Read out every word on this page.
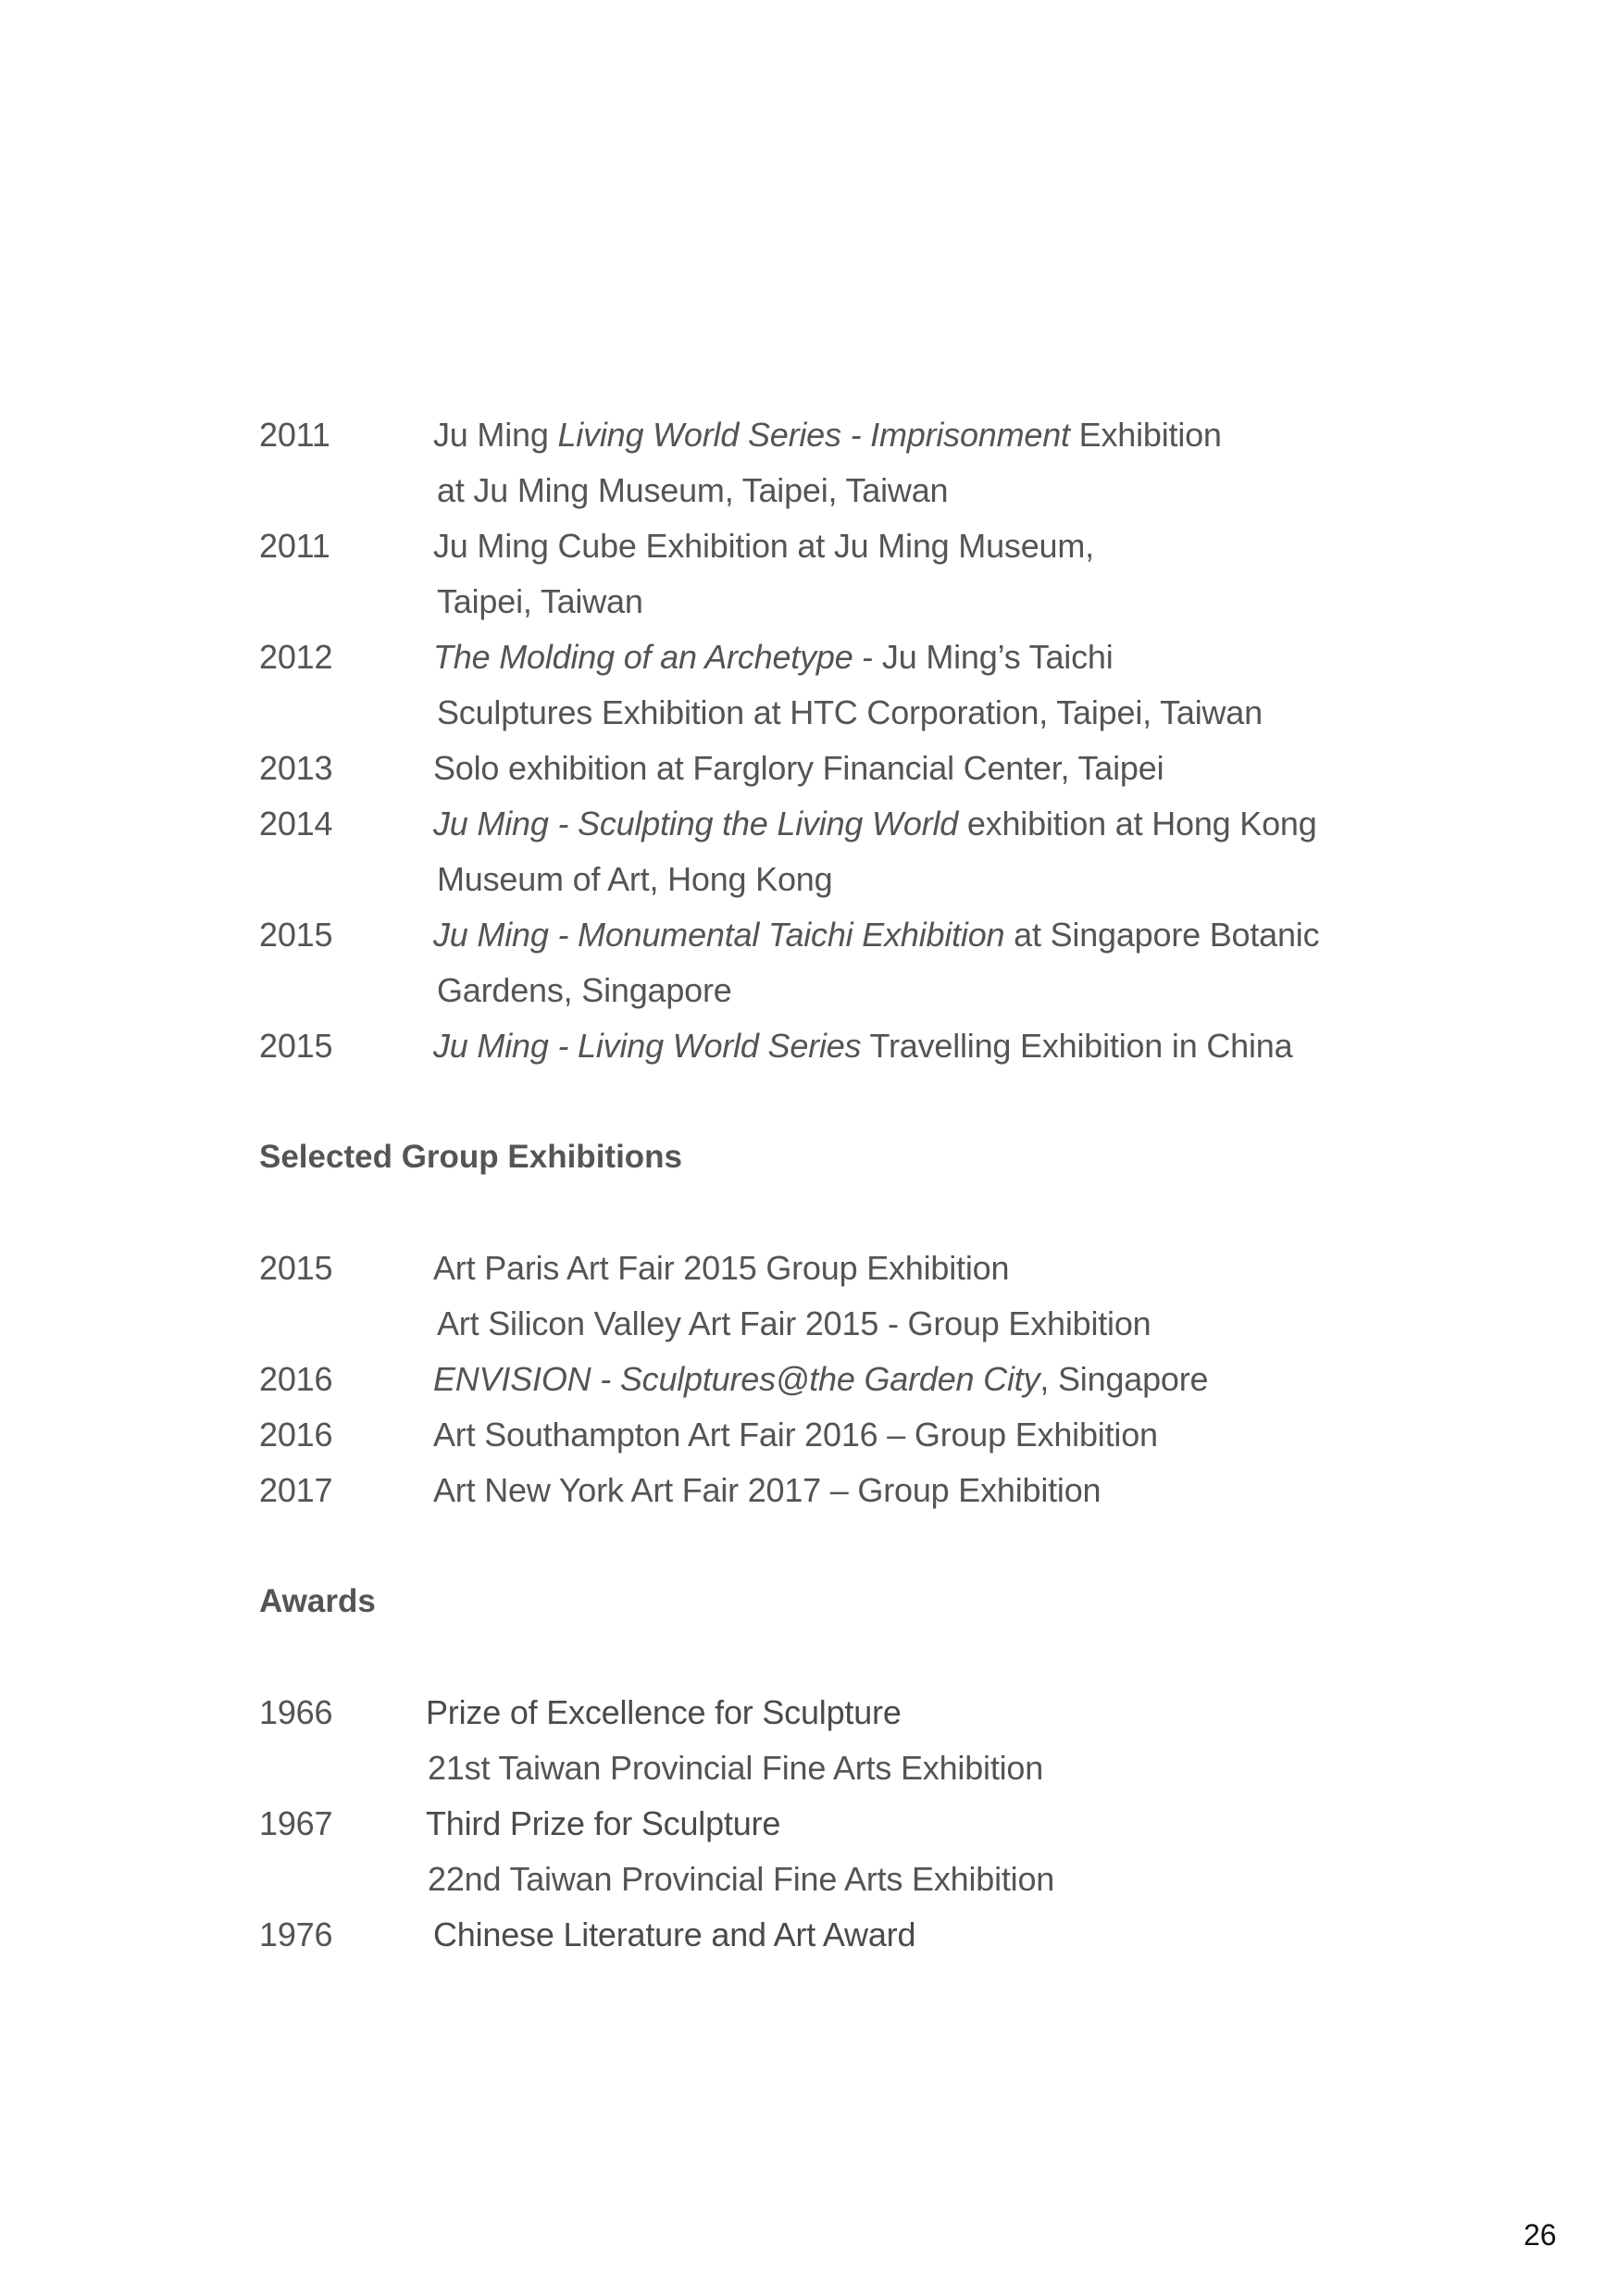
2011	Ju Ming Living World Series - Imprisonment Exhibition
at Ju Ming Museum, Taipei, Taiwan
2011	Ju Ming Cube Exhibition at Ju Ming Museum,
Taipei, Taiwan
2012	The Molding of an Archetype - Ju Ming’s Taichi
Sculptures Exhibition at HTC Corporation, Taipei, Taiwan
2013	Solo exhibition at Farglory Financial Center, Taipei
2014	Ju Ming - Sculpting the Living World exhibition at Hong Kong
Museum of Art, Hong Kong
2015	Ju Ming - Monumental Taichi Exhibition at Singapore Botanic
Gardens, Singapore
2015	Ju Ming - Living World Series Travelling Exhibition in China
Selected Group Exhibitions
2015	Art Paris Art Fair 2015 Group Exhibition
Art Silicon Valley Art Fair 2015 - Group Exhibition
2016	ENVISION - Sculptures@the Garden City, Singapore
2016	Art Southampton Art Fair 2016 – Group Exhibition
2017	Art New York Art Fair 2017 – Group Exhibition
Awards
1966	Prize of Excellence for Sculpture
21st Taiwan Provincial Fine Arts Exhibition
1967	Third Prize for Sculpture
22nd Taiwan Provincial Fine Arts Exhibition
1976	Chinese Literature and Art Award
26
